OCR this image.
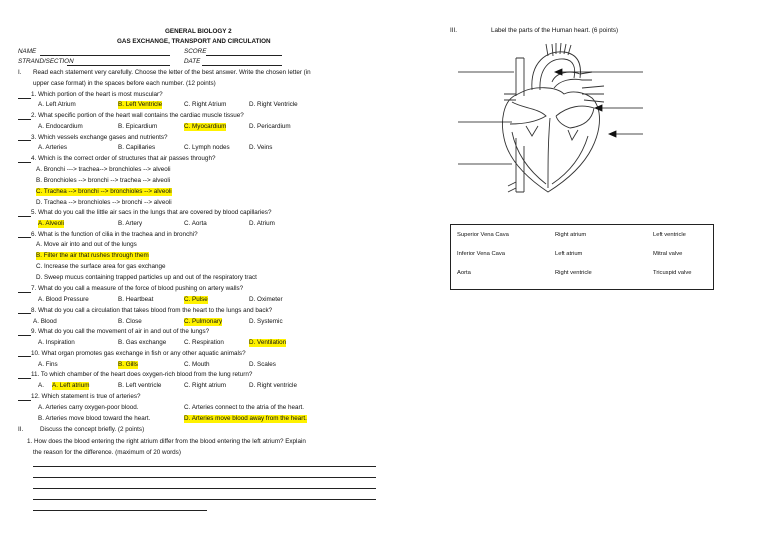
GENERAL BIOLOGY 2
GAS EXCHANGE, TRANSPORT AND CIRCULATION
NAME	SCORE
STRAND/SECTION	DATE
I. Read each statement very carefully. Choose the letter of the best answer. Write the chosen letter (in
upper case format) in the spaces before each number. (12 points)
1. Which portion of the heart is most muscular?
A. Left Atrium	B. Left Ventricle	C. Right Atrium	D. Right Ventricle
2. What specific portion of the heart wall contains the cardiac muscle tissue?
A. Endocardium	B. Epicardium	C. Myocardium	D. Pericardium
3. Which vessels exchange gases and nutrients?
A. Arteries	B. Capillaries	C. Lymph nodes	D. Veins
4. Which is the correct order of structures that air passes through?
A. Bronchi ---> trachea--> bronchioles --> alveoli
B. Bronchioles --> bronchi --> trachea --> alveoli
C. Trachea --> bronchi --> bronchioles --> alveoli
D. Trachea --> bronchioles --> bronchi --> alveoli
5. What do you call the little air sacs in the lungs that are covered by blood capillaries?
A. Alveoli	B. Artery	C. Aorta	D. Atrium
6. What is the function of cilia in the trachea and in bronchi?
A. Move air into and out of the lungs
B. Filter the air that rushes through them
C. Increase the surface area for gas exchange
D. Sweep mucus containing trapped particles up and out of the respiratory tract
7. What do you call a measure of the force of blood pushing on artery walls?
A. Blood Pressure	B. Heartbeat	C. Pulse	D. Oximeter
8. What do you call a circulation that takes blood from the heart to the lungs and back?
A. Blood	B. Close	C. Pulmonary	D. Systemic
9. What do you call the movement of air in and out of the lungs?
A. Inspiration	B. Gas exchange	C. Respiration	D. Ventilation
10. What organ promotes gas exchange in fish or any other aquatic animals?
A. Fins	B. Gills	C. Mouth	D. Scales
11. To which chamber of the heart does oxygen-rich blood from the lung return?
A. A. Left atrium	B. Left ventricle	C. Right atrium	D. Right ventricle
12. Which statement is true of arteries?
A. Arteries carry oxygen-poor blood.	C. Arteries connect to the atria of the heart.
B. Arteries move blood toward the heart.	D. Arteries move blood away from the heart.
II.	Discuss the concept briefly. (2 points)
1. How does the blood entering the right atrium differ from the blood entering the left atrium? Explain
the reason for the difference. (maximum of 20 words)
III.	Label the parts of the Human heart. (6 points)
Superior Vena Cava	Right atrium	Left ventricle
Inferior Vena Cava	Left atrium	Mitral valve
Aorta	Right ventricle	Tricuspid valve
